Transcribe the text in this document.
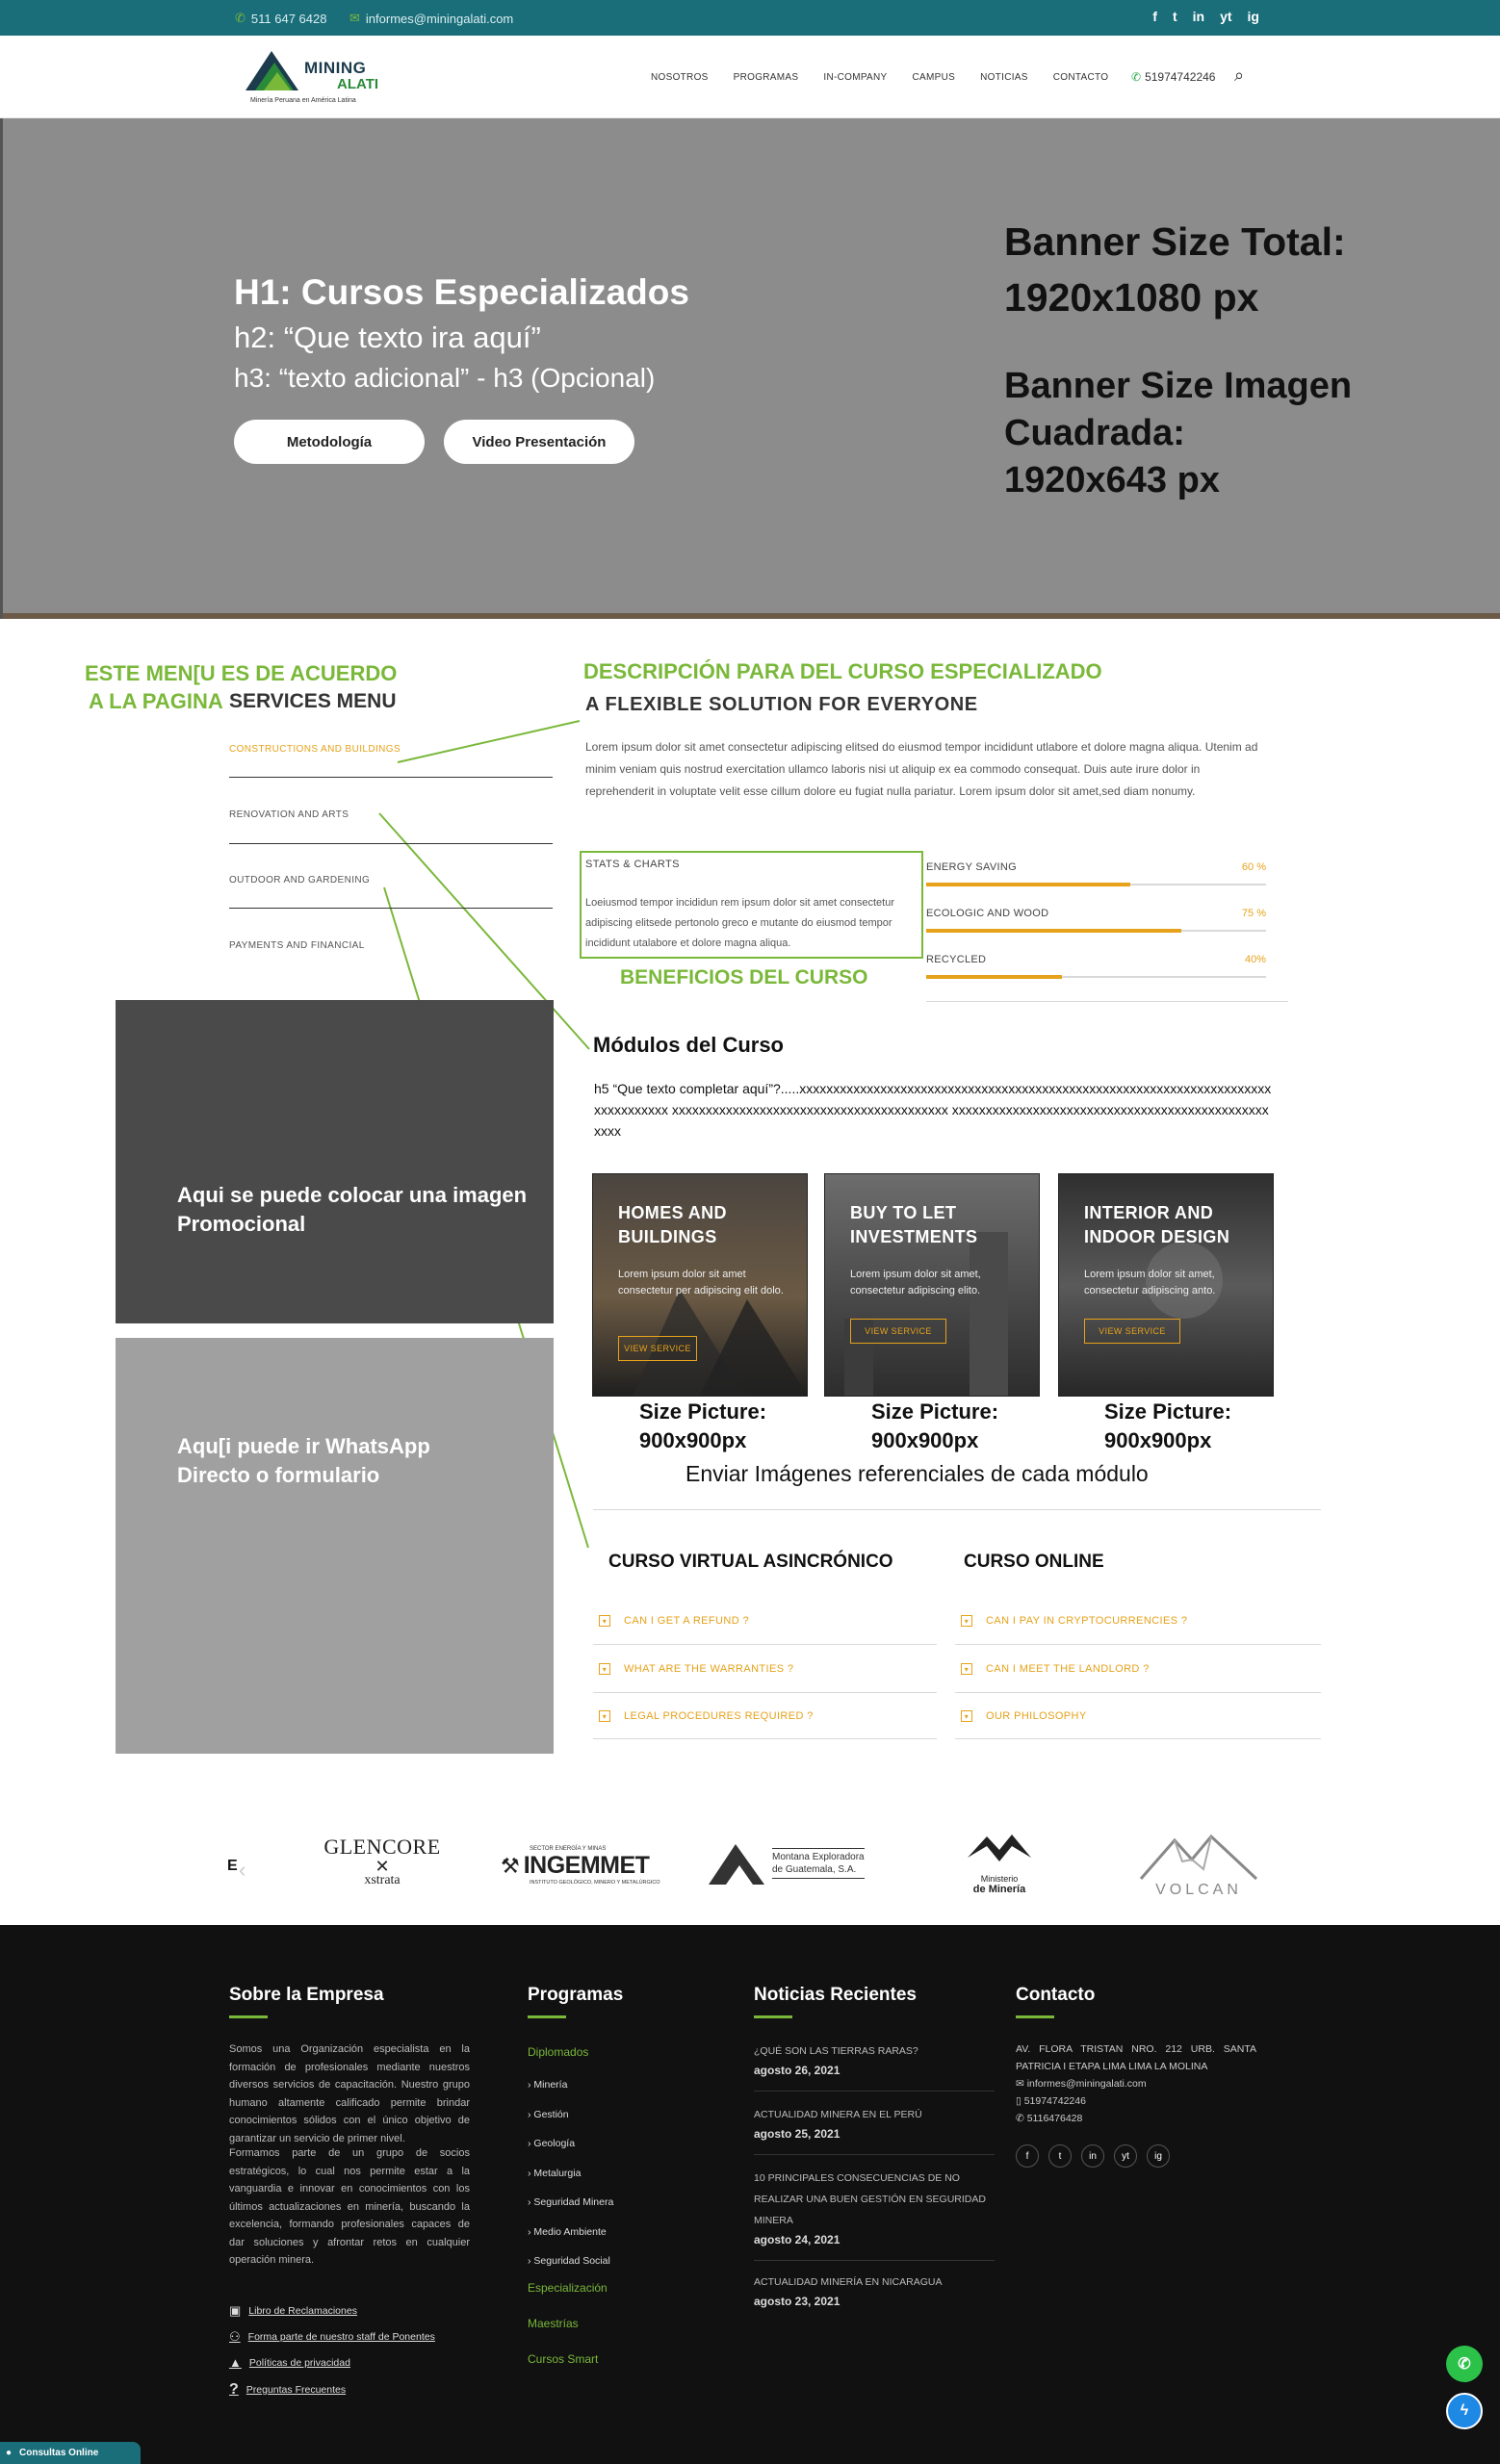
✆ 511 647 6428 ✉ informes@miningalati.com	f t in yt ig
MINING
ALATI
Minería Peruana en América Latina
NOSOTROS	PROGRAMAS	IN-COMPANY	CAMPUS	NOTICIAS	CONTACTO ✆ 51974742246 ⌕
H1: Cursos Especializados
h2: “Que texto ira aquí”
h3: “texto adicional” - h3 (Opcional)
Metodología	Video Presentación
Banner Size Total:
1920x1080 px
Banner Size Imagen
Cuadrada:
1920x643 px
ESTE MEN[U ES DE ACUERDO
A LA PAGINA SERVICES MENU
CONSTRUCTIONS AND BUILDINGS
RENOVATION AND ARTS
OUTDOOR AND GARDENING
PAYMENTS AND FINANCIAL
DESCRIPCIÓN PARA DEL CURSO ESPECIALIZADO
A FLEXIBLE SOLUTION FOR EVERYONE
Lorem ipsum dolor sit amet consectetur adipiscing elitsed do eiusmod tempor incididunt utlabore et dolore magna aliqua. Utenim ad minim veniam quis nostrud exercitation ullamco laboris nisi ut aliquip ex ea commodo consequat. Duis aute irure dolor in reprehenderit in voluptate velit esse cillum dolore eu fugiat nulla pariatur. Lorem ipsum dolor sit amet,sed diam nonumy.
STATS & CHARTS
Loeiusmod tempor incididun rem ipsum dolor sit amet consectetur adipiscing elitsede pertonolo greco e mutante do eiusmod tempor incididunt utalabore et dolore magna aliqua.
BENEFICIOS DEL CURSO
ENERGY SAVING	60 %
ECOLOGIC AND WOOD	75 %
RECYCLED	40%
Aqui se puede colocar una imagen
Promocional
Aqu[i puede ir WhatsApp
Directo o formulario
Módulos del Curso
h5 “Que texto completar aquí”?.....xxxxxxxxxxxxxxxxxxxxxxxxxxxxxxxxxxxxxxxxxxxxxxxxxxxxxxxxxxxxxxxxxxxxxxxxxxxxxxxxx xxxxxxxxxxxxxxxxxxxxxxxxxxxxxxxxxxxxxxxxx xxxxxxxxxxxxxxxxxxxxxxxxxxxxxxxxxxxxxxxxxxxxxxxxxxx
HOMES AND BUILDINGS
Lorem ipsum dolor sit amet consectetur per adipiscing elit dolo.
VIEW SERVICE
BUY TO LET INVESTMENTS
Lorem ipsum dolor sit amet, consectetur adipiscing elito.
VIEW SERVICE
INTERIOR AND INDOOR DESIGN
Lorem ipsum dolor sit amet, consectetur adipiscing anto.
VIEW SERVICE
Size Picture:
900x900px
Size Picture:
900x900px
Size Picture:
900x900px
Enviar Imágenes referenciales de cada módulo
CURSO VIRTUAL ASINCRÓNICO	CURSO ONLINE
▾	CAN I GET A REFUND ?
▾	WHAT ARE THE WARRANTIES ?
▾	LEGAL PROCEDURES REQUIRED ?
▾	CAN I PAY IN CRYPTOCURRENCIES ?
▾	CAN I MEET THE LANDLORD ?
▾	OUR PHILOSOPHY
E ‹
GLENCORE
✕
xstrata
SECTOR ENERGÍA Y MINAS
⚒ INGEMMET
INSTITUTO GEOLÓGICO, MINERO Y METALÚRGICO
Montana Exploradora
de Guatemala, S.A.
Ministerio
de Minería	VOLCAN
Sobre la Empresa
Somos una Organización especialista en la formación de profesionales mediante nuestros diversos servicios de capacitación. Nuestro grupo humano altamente calificado permite brindar conocimientos sólidos con el único objetivo de garantizar un servicio de primer nivel.
Formamos parte de un grupo de socios estratégicos, lo cual nos permite estar a la vanguardia e innovar en conocimientos con los últimos actualizaciones en minería, buscando la excelencia, formando profesionales capaces de dar soluciones y afrontar retos en cualquier operación minera.
▣ Libro de Reclamaciones
⚇ Forma parte de nuestro staff de Ponentes
▲ Políticas de privacidad
? Preguntas Frecuentes
Programas
Diplomados
› Minería
› Gestión
› Geología
› Metalurgia
› Seguridad Minera
› Medio Ambiente
› Seguridad Social
Especialización
Maestrías
Cursos Smart
Noticias Recientes
¿QUÉ SON LAS TIERRAS RARAS?
agosto 26, 2021
ACTUALIDAD MINERA EN EL PERÚ
agosto 25, 2021
10 PRINCIPALES CONSECUENCIAS DE NO REALIZAR UNA BUEN GESTIÓN EN SEGURIDAD MINERA
agosto 24, 2021
ACTUALIDAD MINERÍA EN NICARAGUA
agosto 23, 2021
Contacto
AV. FLORA TRISTAN NRO. 212 URB. SANTA PATRICIA I ETAPA LIMA LIMA LA MOLINA
✉ informes@miningalati.com
▯ 51974742246
✆ 5116476428
f	t	in	yt	ig
✆
ϟ
● Consultas Online
